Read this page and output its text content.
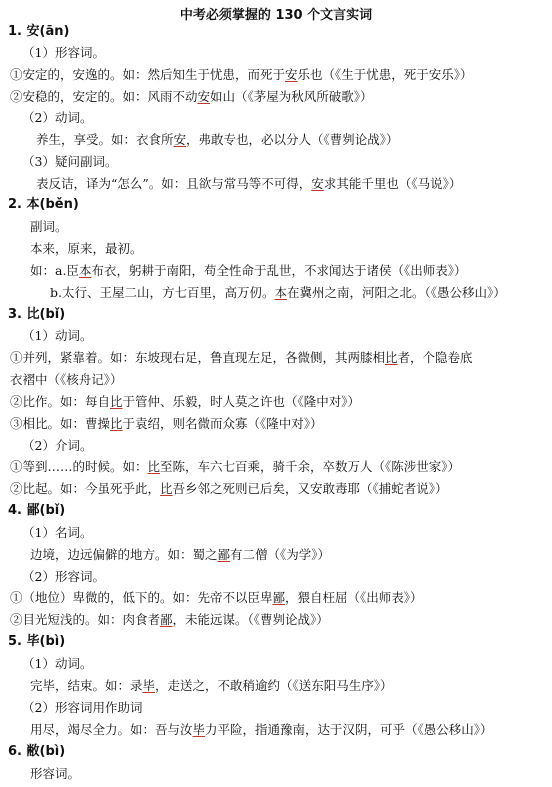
中考必须掌握的 130 个文言实词
1. 安(ān)
（1）形容词。
①安定的，安逸的。如：然后知生于忧患，而死于安乐也（《生于忧患，死于安乐》）
②安稳的，安定的。如：风雨不动安如山（《茅屋为秋风所破歌》）
（2）动词。
养生，享受。如：衣食所安，弗敢专也，必以分人（《曹刿论战》）
（3）疑问副词。
表反诘，译为“怎么”。如：且欲与常马等不可得，安求其能千里也（《马说》）
2. 本(běn)
副词。
本来，原来，最初。
如：a.臣本布衣，躬耕于南阳，苟全性命于乱世，不求闻达于诸侯（《出师表》）
b.太行、王屋二山，方七百里，高万仞。本在冀州之南，河阳之北。（《愚公移山》）
3. 比(bǐ)
（1）动词。
①并列，紧靠着。如：东坡现右足，鲁直现左足，各微侧，其两膝相比者，个隐卷底
衣褶中（《核舟记》）
②比作。如：每自比于管仲、乐毅，时人莫之许也（《隆中对》）
③相比。如：曹操比于袁绍，则名微而众寡（《隆中对》）
（2）介词。
①等到……的时候。如：比至陈，车六七百乘，骑千余，卒数万人（《陈涉世家》）
②比起。如：今虽死乎此，比吾乡邻之死则已后矣，又安敢毒耶（《捕蛇者说》）
4. 鄙(bǐ)
（1）名词。
边境，边远偏僻的地方。如：蜀之鄙有二僧（《为学》）
（2）形容词。
①（地位）卑微的，低下的。如：先帝不以臣卑鄙，猥自枉屈（《出师表》）
②目光短浅的。如：肉食者鄙，未能远谋。（《曹刿论战》）
5. 毕(bì)
（1）动词。
完毕，结束。如：录毕，走送之，不敢稍逾约（《送东阳马生序》）
（2）形容词用作助词
用尽，竭尽全力。如：吾与汝毕力平险，指通豫南，达于汉阴，可乎（《愚公移山》）
6. 敝(bì)
形容词。
